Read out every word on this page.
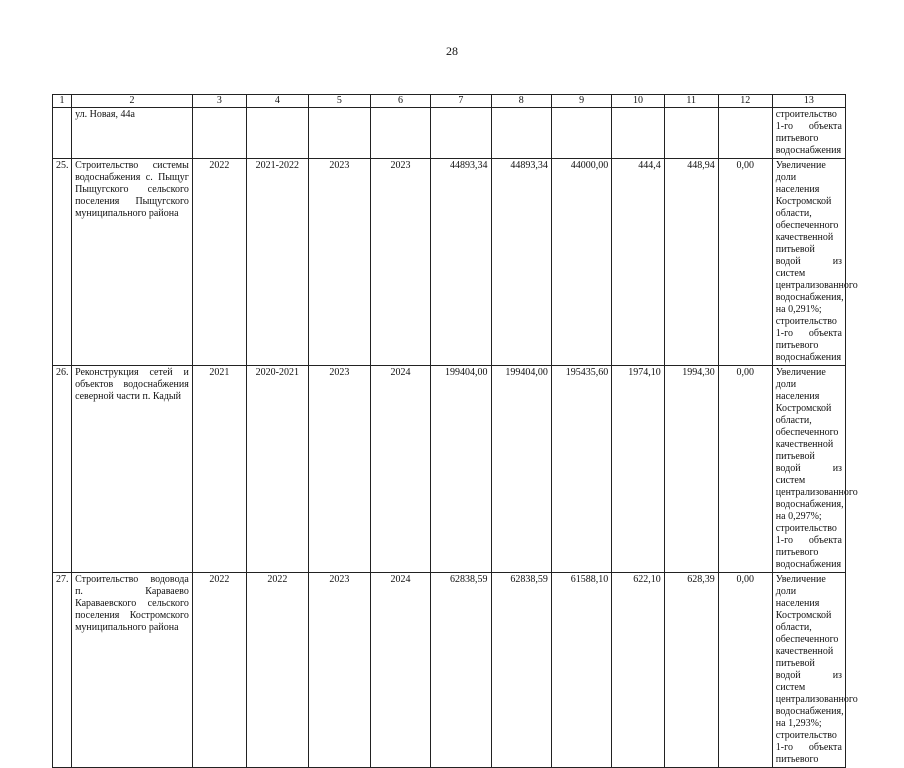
28
1	2	3	4	5	6	7	8	9	10	11	12	13
	ул. Новая, 44а											строительство 1-го объекта питьевого водоснабжения
25.	Строительство системы водоснабжения с. Пыщуг Пыщугского сельского поселения Пыщугского муниципального района	2022	2021-2022	2023	2023	44893,34	44893,34	44000,00	444,4	448,94	0,00	Увеличение доли населения Костромской области, обеспеченного качественной питьевой водой из систем централизованного водоснабжения, на 0,291%;
строительство 1-го объекта питьевого водоснабжения
26.	Реконструкция сетей и объектов водоснабжения северной части п. Кадый	2021	2020-2021	2023	2024	199404,00	199404,00	195435,60	1974,10	1994,30	0,00	Увеличение доли населения Костромской области, обеспеченного качественной питьевой водой из систем централизованного водоснабжения, на 0,297%;
строительство 1-го объекта питьевого водоснабжения
27.	Строительство водовода п. Караваево Караваевского сельского поселения Костромского муниципального района	2022	2022	2023	2024	62838,59	62838,59	61588,10	622,10	628,39	0,00	Увеличение доли населения Костромской области, обеспеченного качественной питьевой водой из систем централизованного водоснабжения, на 1,293%;
строительство 1-го объекта питьевого
